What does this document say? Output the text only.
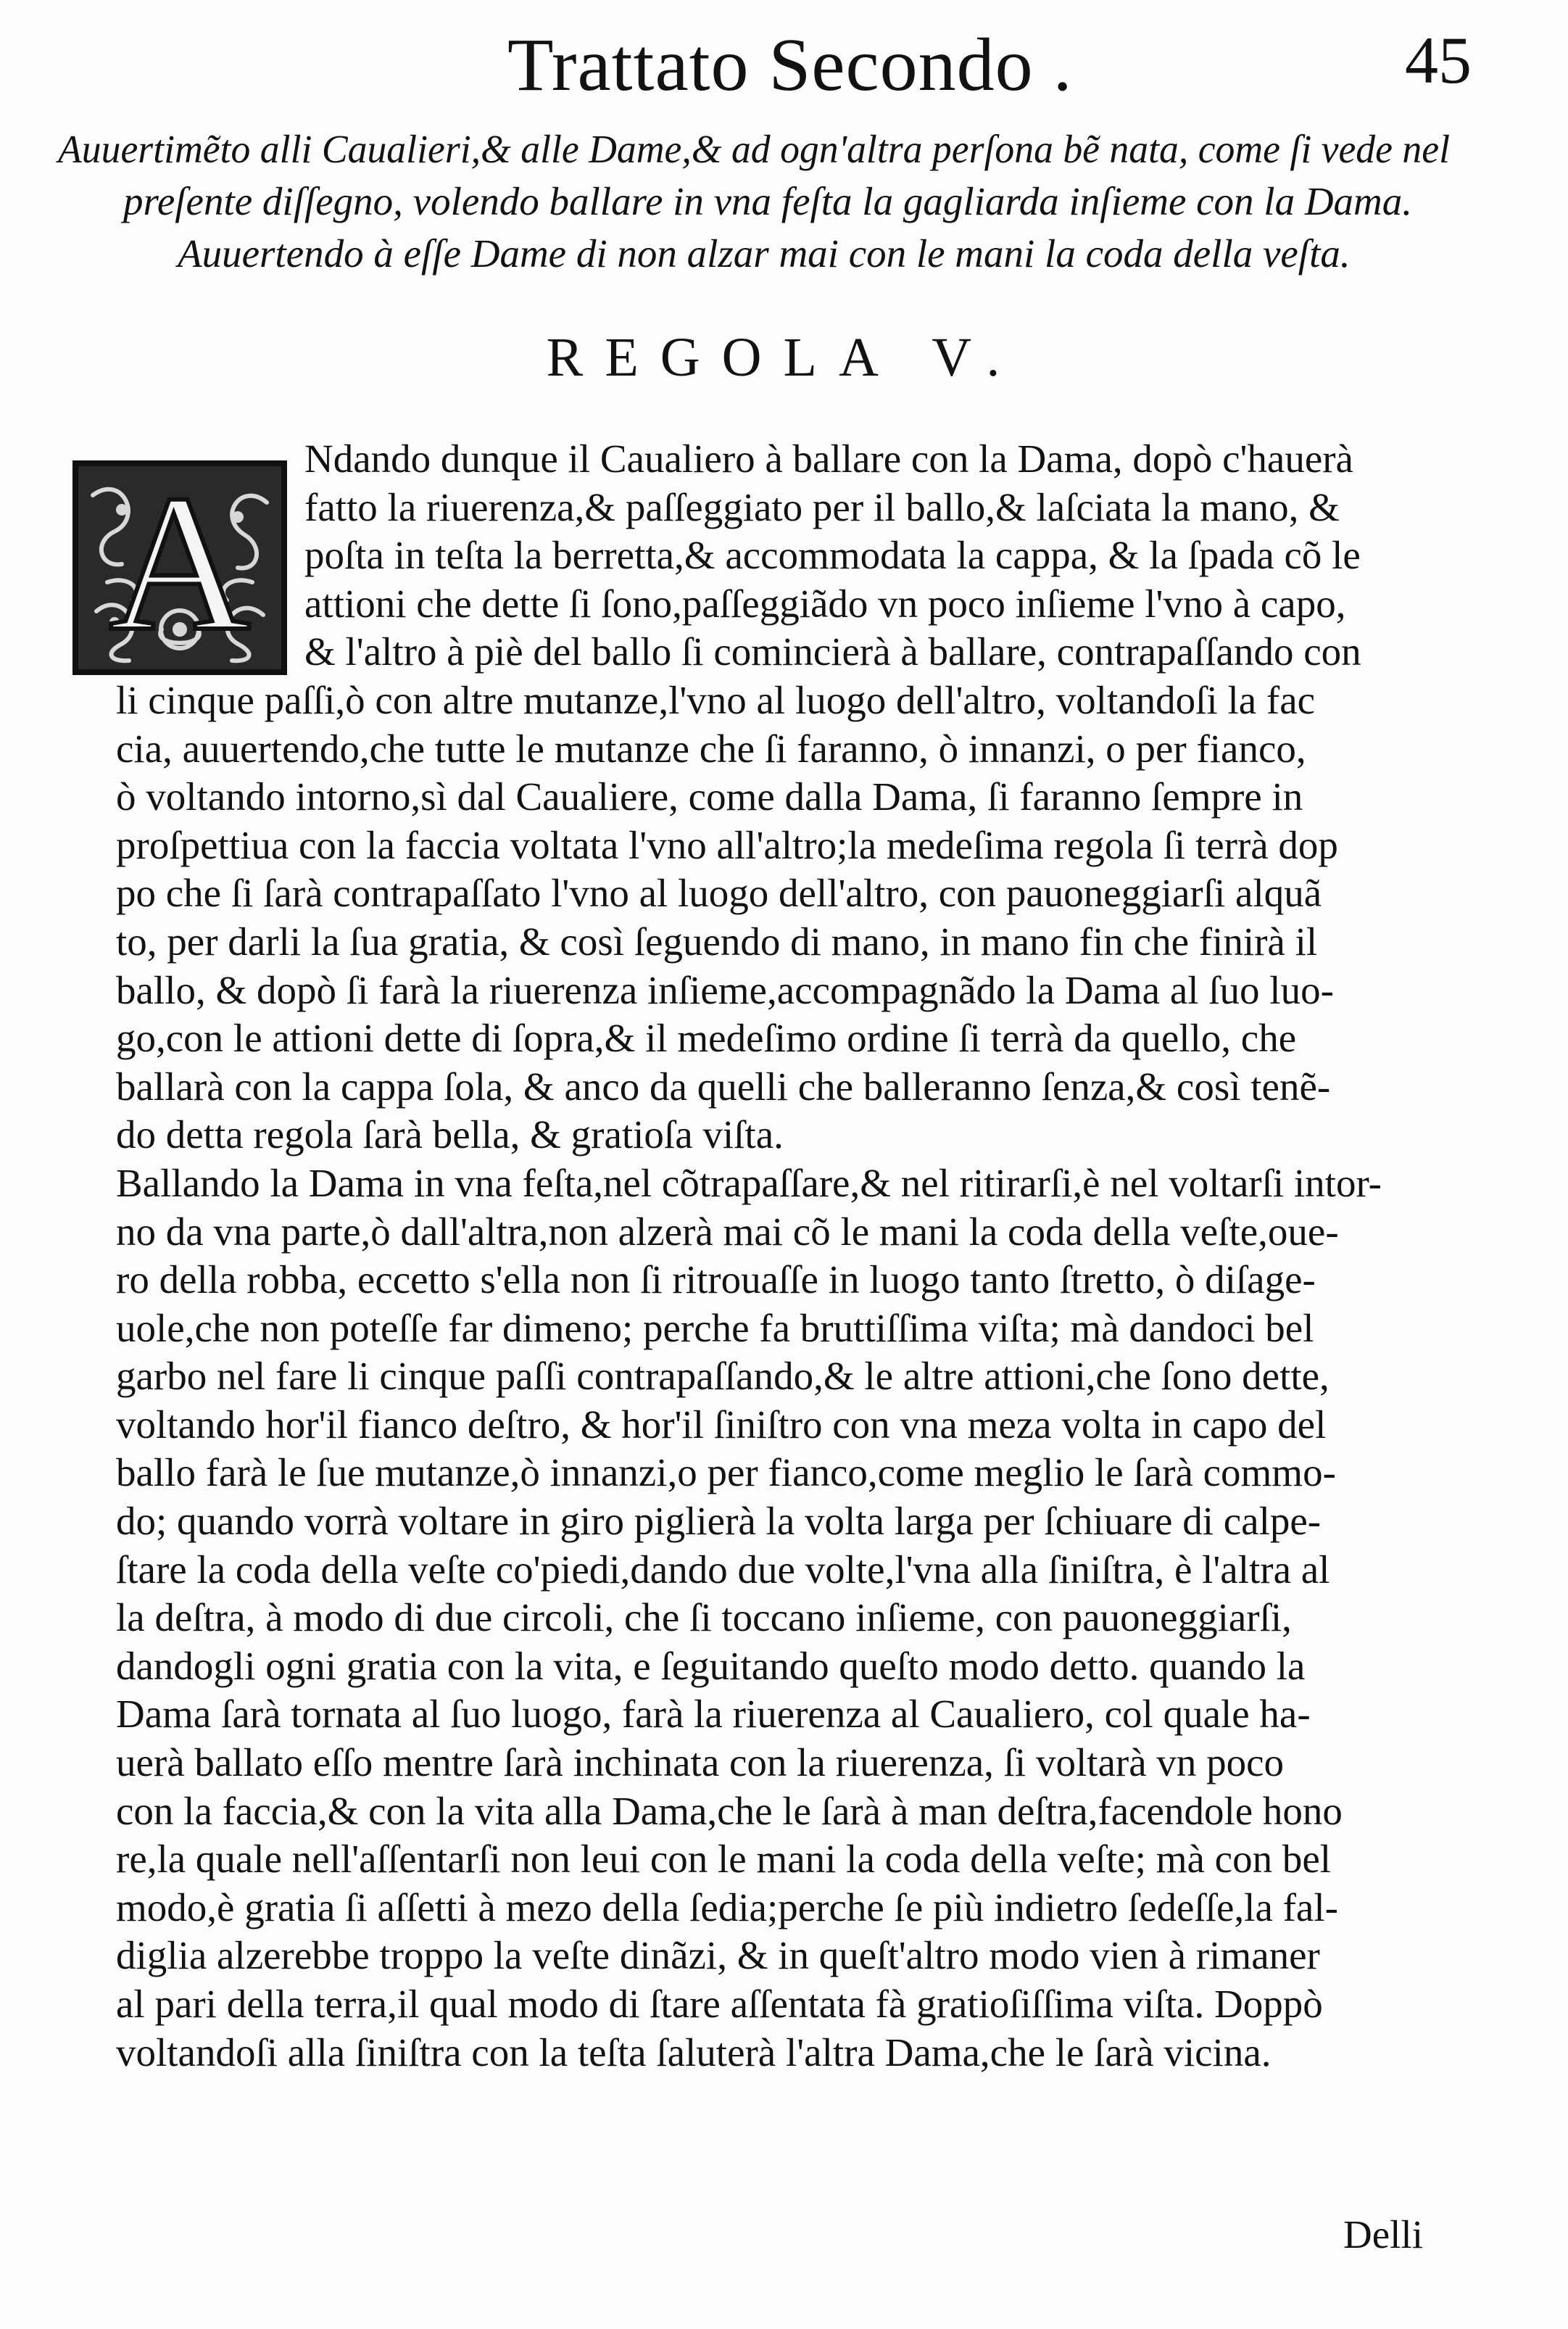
Trattato Secondo .	45
Auuertimẽto alli Caualieri,& alle Dame,& ad ogn'altra perſona bẽ nata, come ſi vede nel
preſente diſſegno, volendo ballare in vna feſta la gagliarda inſieme con la Dama.
Auuertendo à eſſe Dame di non alzar mai con le mani la coda della veſta.
REGOLA V.
A	Ndando dunque il Caualiero à ballare con la Dama, dopò c'hauerà
fatto la riuerenza,& paſſeggiato per il ballo,& laſciata la mano, &
poſta in teſta la berretta,& accommodata la cappa, & la ſpada cõ le
attioni che dette ſi ſono,paſſeggiãdo vn poco inſieme l'vno à capo,
& l'altro à piè del ballo ſi comincierà à ballare, contrapaſſando con
li cinque paſſi,ò con altre mutanze,l'vno al luogo dell'altro, voltandoſi la fac
cia, auuertendo,che tutte le mutanze che ſi faranno, ò innanzi, o per fianco,
ò voltando intorno,sì dal Caualiere, come dalla Dama, ſi faranno ſempre in
proſpettiua con la faccia voltata l'vno all'altro;la medeſima regola ſi terrà dop
po che ſi ſarà contrapaſſato l'vno al luogo dell'altro, con pauoneggiarſi alquã
to, per darli la ſua gratia, & così ſeguendo di mano, in mano fin che finirà il
ballo, & dopò ſi farà la riuerenza inſieme,accompagnãdo la Dama al ſuo luo-
go,con le attioni dette di ſopra,& il medeſimo ordine ſi terrà da quello, che
ballarà con la cappa ſola, & anco da quelli che balleranno ſenza,& così tenẽ-
do detta regola ſarà bella, & gratioſa viſta.
Ballando la Dama in vna feſta,nel cõtrapaſſare,& nel ritirarſi,è nel voltarſi intor-
no da vna parte,ò dall'altra,non alzerà mai cõ le mani la coda della veſte,oue-
ro della robba, eccetto s'ella non ſi ritrouaſſe in luogo tanto ſtretto, ò diſage-
uole,che non poteſſe far dimeno; perche fa bruttiſſima viſta; mà dandoci bel
garbo nel fare li cinque paſſi contrapaſſando,& le altre attioni,che ſono dette,
voltando hor'il fianco deſtro, & hor'il ſiniſtro con vna meza volta in capo del
ballo farà le ſue mutanze,ò innanzi,o per fianco,come meglio le ſarà commo-
do; quando vorrà voltare in giro piglierà la volta larga per ſchiuare di calpe-
ſtare la coda della veſte co'piedi,dando due volte,l'vna alla ſiniſtra, è l'altra al
la deſtra, à modo di due circoli, che ſi toccano inſieme, con pauoneggiarſi,
dandogli ogni gratia con la vita, e ſeguitando queſto modo detto. quando la
Dama ſarà tornata al ſuo luogo, farà la riuerenza al Caualiero, col quale ha-
uerà ballato eſſo mentre ſarà inchinata con la riuerenza, ſi voltarà vn poco
con la faccia,& con la vita alla Dama,che le ſarà à man deſtra,facendole hono
re,la quale nell'aſſentarſi non leui con le mani la coda della veſte; mà con bel
modo,è gratia ſi aſſetti à mezo della ſedia;perche ſe più indietro ſedeſſe,la fal-
diglia alzerebbe troppo la veſte dinãzi, & in queſt'altro modo vien à rimaner
al pari della terra,il qual modo di ſtare aſſentata fà gratioſiſſima viſta. Doppò
voltandoſi alla ſiniſtra con la teſta ſaluterà l'altra Dama,che le ſarà vicina.
Delli
